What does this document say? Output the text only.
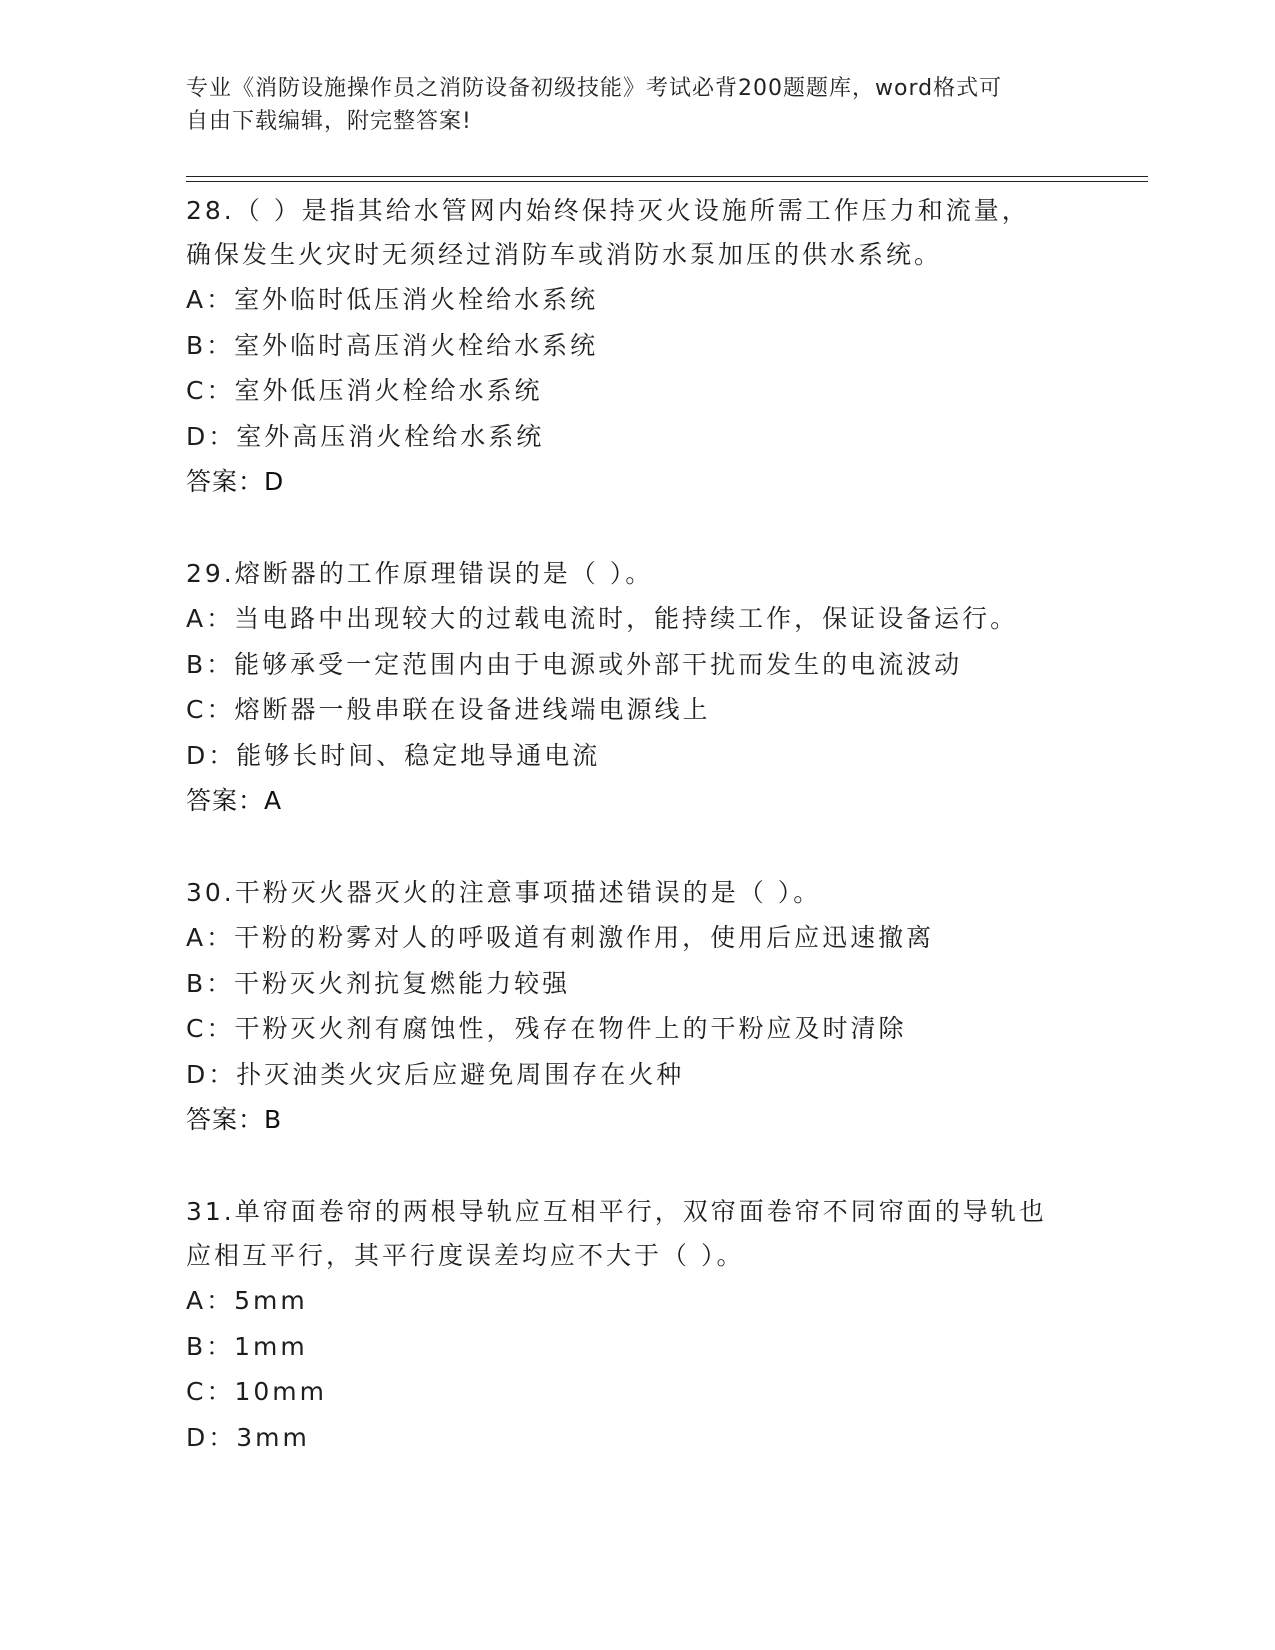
专业《消防设施操作员之消防设备初级技能》考试必背200题题库，word格式可
自由下载编辑，附完整答案!

28.（ ）是指其给水管网内始终保持灭火设施所需工作压力和流量，

确保发生火灾时无须经过消防车或消防水泵加压的供水系统。

A：室外临时低压消火栓给水系统

B：室外临时高压消火栓给水系统

C：室外低压消火栓给水系统

D：室外高压消火栓给水系统

答案：D

29.熔断器的工作原理错误的是（ ）。

A：当电路中出现较大的过载电流时，能持续工作，保证设备运行。

B：能够承受一定范围内由于电源或外部干扰而发生的电流波动

C：熔断器一般串联在设备进线端电源线上

D：能够长时间、稳定地导通电流

答案：A

30.干粉灭火器灭火的注意事项描述错误的是（ ）。

A：干粉的粉雾对人的呼吸道有刺激作用，使用后应迅速撤离

B：干粉灭火剂抗复燃能力较强

C：干粉灭火剂有腐蚀性，残存在物件上的干粉应及时清除

D：扑灭油类火灾后应避免周围存在火种

答案：B

31.单帘面卷帘的两根导轨应互相平行，双帘面卷帘不同帘面的导轨也

应相互平行，其平行度误差均应不大于（ ）。

A：5mm

B：1mm

C：10mm

D：3mm
